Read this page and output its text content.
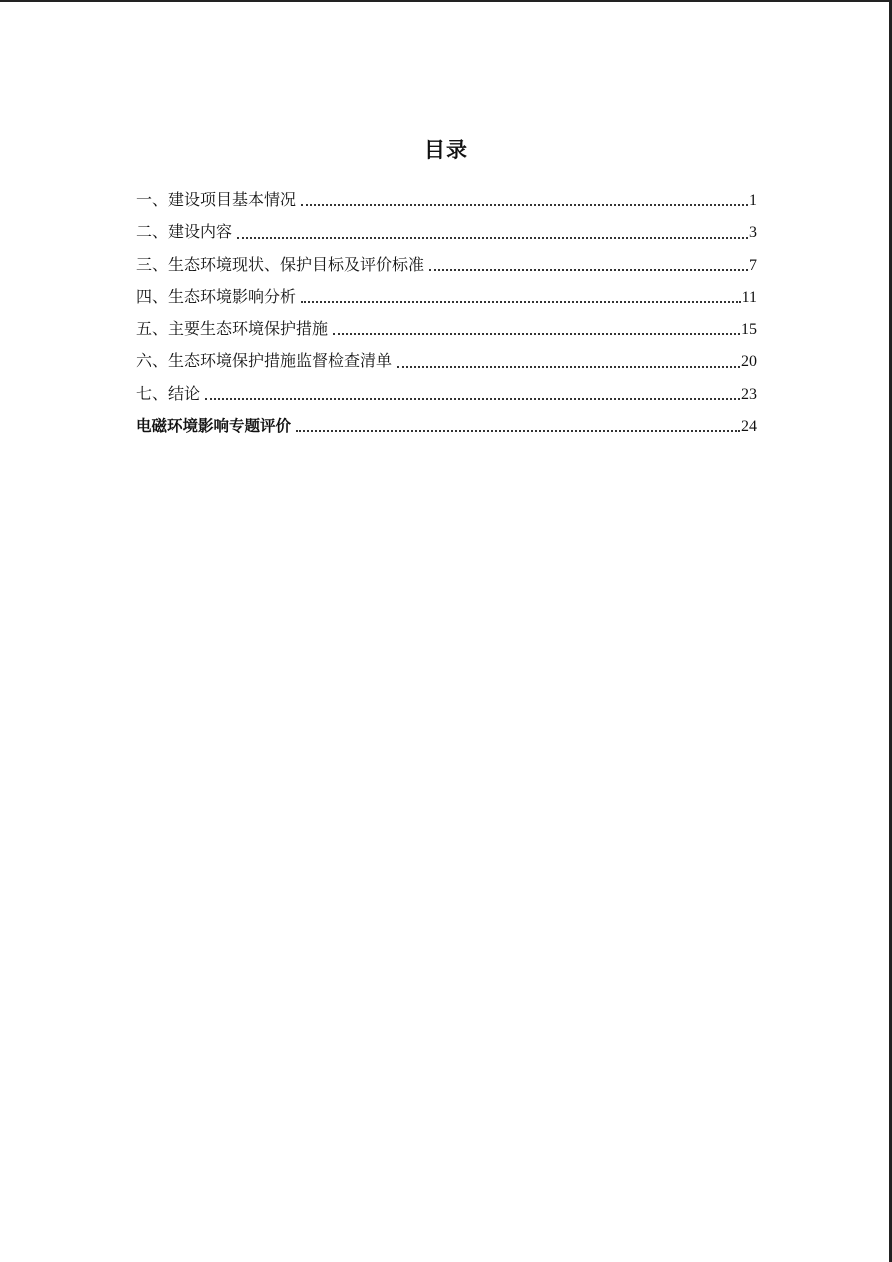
目录
一、建设项目基本情况	1
二、建设内容	3
三、生态环境现状、保护目标及评价标准	7
四、生态环境影响分析	11
五、主要生态环境保护措施	15
六、生态环境保护措施监督检查清单	20
七、结论	23
电磁环境影响专题评价	24
